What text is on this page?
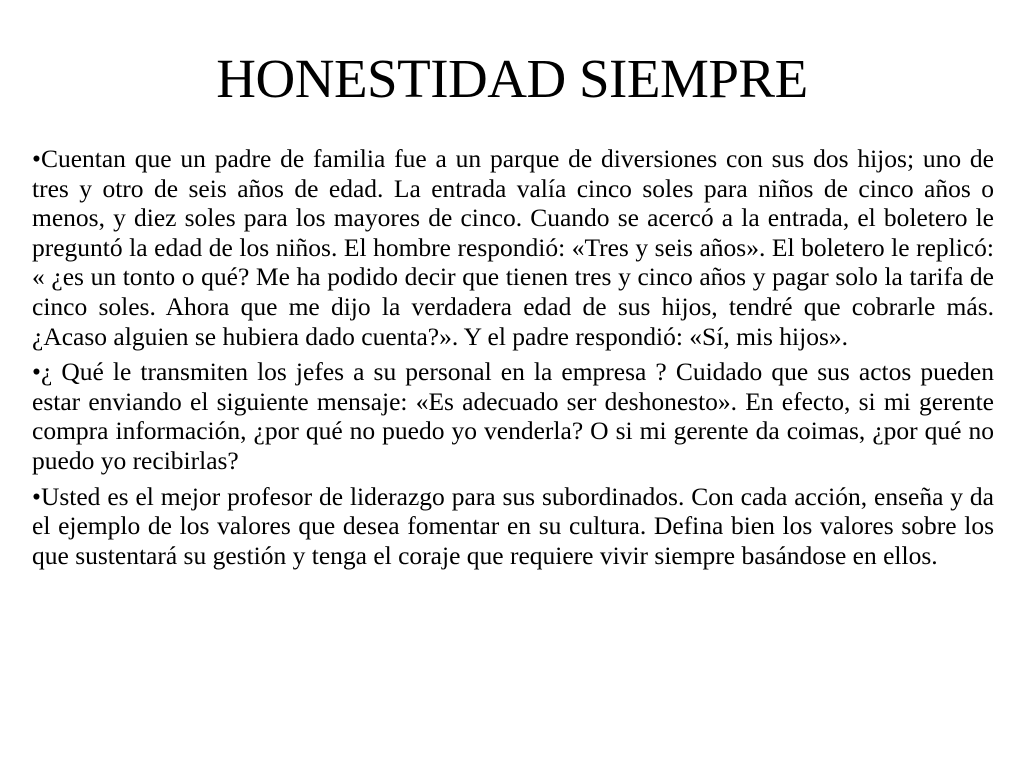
HONESTIDAD SIEMPRE

•Cuentan que un padre de familia fue a un parque de diversiones con sus dos hijos; uno de tres y otro de seis años de edad. La entrada valía cinco soles para niños de cinco años o menos, y diez soles para los mayores de cinco. Cuando se acercó a la entrada, el boletero le preguntó la edad de los niños. El hombre respondió: «Tres y seis años». El boletero le replicó: « ¿es un tonto o qué? Me ha podido decir que tienen tres y cinco años y pagar solo la tarifa de cinco soles. Ahora que me dijo la verdadera edad de sus hijos, tendré que cobrarle más. ¿Acaso alguien se hubiera dado cuenta?». Y el padre respondió: «Sí, mis hijos».

•¿ Qué le transmiten los jefes a su personal en la empresa ? Cuidado que sus actos pueden estar enviando el siguiente mensaje: «Es adecuado ser deshonesto». En efecto, si mi gerente compra información, ¿por qué no puedo yo venderla? O si mi gerente da coimas, ¿por qué no puedo yo recibirlas?

•Usted es el mejor profesor de liderazgo para sus subordinados. Con cada acción, enseña y da el ejemplo de los valores que desea fomentar en su cultura. Defina bien los valores sobre los que sustentará su gestión y tenga el coraje que requiere vivir siempre basándose en ellos.
